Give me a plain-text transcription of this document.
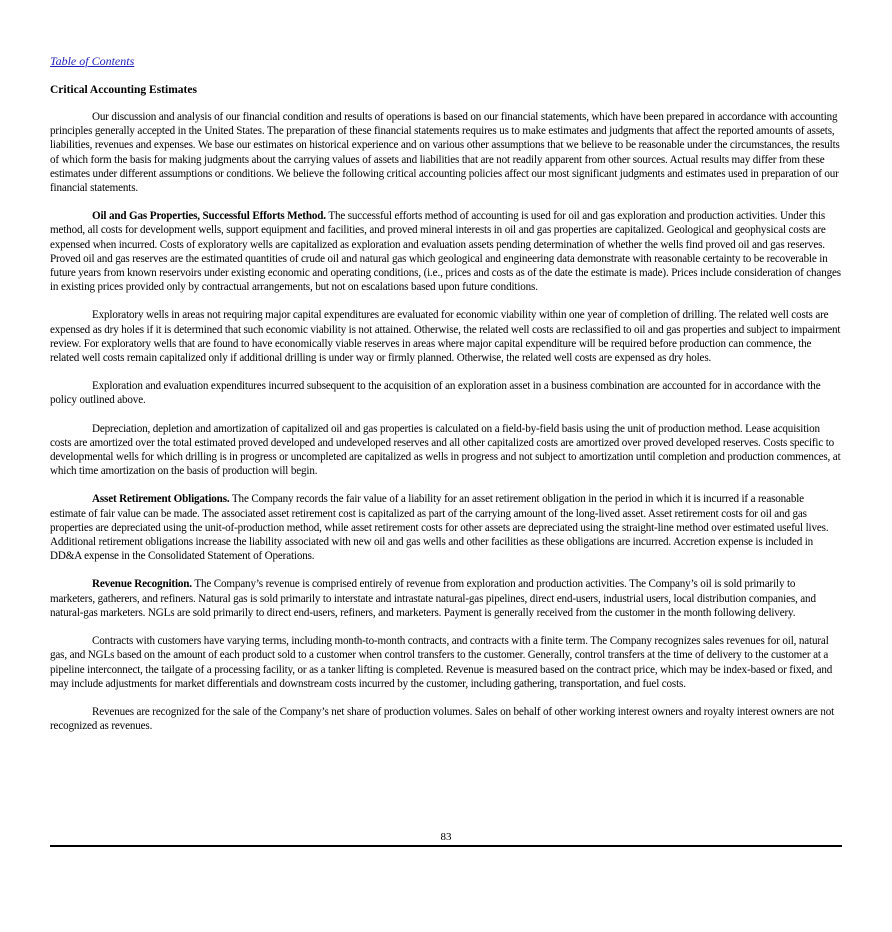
Table of Contents
Critical Accounting Estimates

Our discussion and analysis of our financial condition and results of operations is based on our financial statements, which have been prepared in accordance with accounting principles generally accepted in the United States. The preparation of these financial statements requires us to make estimates and judgments that affect the reported amounts of assets, liabilities, revenues and expenses. We base our estimates on historical experience and on various other assumptions that we believe to be reasonable under the circumstances, the results of which form the basis for making judgments about the carrying values of assets and liabilities that are not readily apparent from other sources. Actual results may differ from these estimates under different assumptions or conditions. We believe the following critical accounting policies affect our most significant judgments and estimates used in preparation of our financial statements.

Oil and Gas Properties, Successful Efforts Method. The successful efforts method of accounting is used for oil and gas exploration and production activities. Under this method, all costs for development wells, support equipment and facilities, and proved mineral interests in oil and gas properties are capitalized. Geological and geophysical costs are expensed when incurred. Costs of exploratory wells are capitalized as exploration and evaluation assets pending determination of whether the wells find proved oil and gas reserves. Proved oil and gas reserves are the estimated quantities of crude oil and natural gas which geological and engineering data demonstrate with reasonable certainty to be recoverable in future years from known reservoirs under existing economic and operating conditions, (i.e., prices and costs as of the date the estimate is made). Prices include consideration of changes in existing prices provided only by contractual arrangements, but not on escalations based upon future conditions.

Exploratory wells in areas not requiring major capital expenditures are evaluated for economic viability within one year of completion of drilling. The related well costs are expensed as dry holes if it is determined that such economic viability is not attained. Otherwise, the related well costs are reclassified to oil and gas properties and subject to impairment review. For exploratory wells that are found to have economically viable reserves in areas where major capital expenditure will be required before production can commence, the related well costs remain capitalized only if additional drilling is under way or firmly planned. Otherwise, the related well costs are expensed as dry holes.

Exploration and evaluation expenditures incurred subsequent to the acquisition of an exploration asset in a business combination are accounted for in accordance with the policy outlined above.

Depreciation, depletion and amortization of capitalized oil and gas properties is calculated on a field-by-field basis using the unit of production method. Lease acquisition costs are amortized over the total estimated proved developed and undeveloped reserves and all other capitalized costs are amortized over proved developed reserves. Costs specific to developmental wells for which drilling is in progress or uncompleted are capitalized as wells in progress and not subject to amortization until completion and production commences, at which time amortization on the basis of production will begin.

Asset Retirement Obligations. The Company records the fair value of a liability for an asset retirement obligation in the period in which it is incurred if a reasonable estimate of fair value can be made. The associated asset retirement cost is capitalized as part of the carrying amount of the long-lived asset. Asset retirement costs for oil and gas properties are depreciated using the unit-of-production method, while asset retirement costs for other assets are depreciated using the straight-line method over estimated useful lives. Additional retirement obligations increase the liability associated with new oil and gas wells and other facilities as these obligations are incurred. Accretion expense is included in DD&A expense in the Consolidated Statement of Operations.

Revenue Recognition. The Company’s revenue is comprised entirely of revenue from exploration and production activities. The Company’s oil is sold primarily to marketers, gatherers, and refiners. Natural gas is sold primarily to interstate and intrastate natural-gas pipelines, direct end-users, industrial users, local distribution companies, and natural-gas marketers. NGLs are sold primarily to direct end-users, refiners, and marketers. Payment is generally received from the customer in the month following delivery.

Contracts with customers have varying terms, including month-to-month contracts, and contracts with a finite term. The Company recognizes sales revenues for oil, natural gas, and NGLs based on the amount of each product sold to a customer when control transfers to the customer. Generally, control transfers at the time of delivery to the customer at a pipeline interconnect, the tailgate of a processing facility, or as a tanker lifting is completed. Revenue is measured based on the contract price, which may be index-based or fixed, and may include adjustments for market differentials and downstream costs incurred by the customer, including gathering, transportation, and fuel costs.

Revenues are recognized for the sale of the Company’s net share of production volumes. Sales on behalf of other working interest owners and royalty interest owners are not recognized as revenues.

83
